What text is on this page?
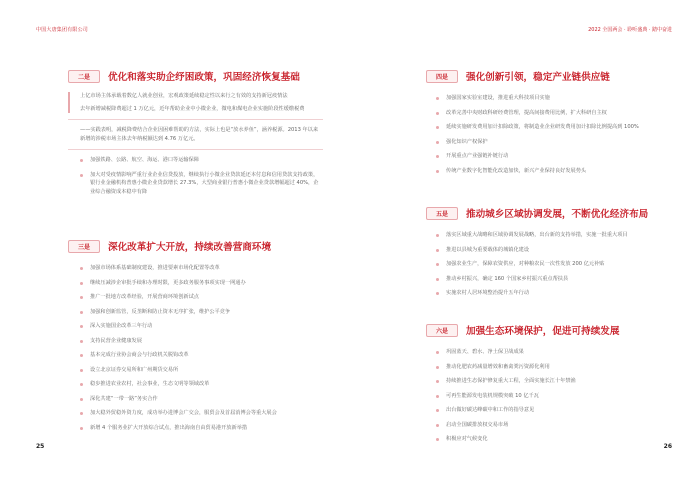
中国大唐集团有限公司
二是	优化和落实助企纾困政策，巩固经济恢复基础
上亿市场主体承载着数亿人就业创业，宏观政策延续稳定性以来行之有效的支持新冠疫情法
去年新增减税降费超过 1 万亿元，近年帮助企业中小微企业，微电和煤电企业实施阶段性缓缴税费
——实践表明，减税降费结合企业因困难帮助的方法，实际上也是“放水养鱼”，涵养税源。2013 年以来新增的涉税市场主体去年纳税额达到 4.76 万亿元。
加强铁路、公路、航空、海运、港口等运输保障
加大对受疫情影响严重行业企业信贷投放，继续执行小微企业贷款延还本付息和信用贷款支持政策，银行业金融机构普惠小微企业贷款增长 27.3%，大型商业银行普惠小微企业贷款增幅超过 40%，企业综合融资成本稳中有降
三是	深化改革扩大开放，持续改善营商环境
加强市场体系基础制度建设，推进要素市场化配置等改革
继续压减涉企审批手续和办理时限，更多政务服务事项实现一网通办
推广一批地方改革经验，开展营商环境创新试点
加强和创新监管，反垄断和防止资本无序扩张，维护公平竞争
深入实施国企改革三年行动
支持民营企业健康发展
基本完成行业协会商会与行政机关脱钩改革
设立北京证券交易所和广州期货交易所
稳步推进农业农村，社会事业，生态文明等领域改革
深化共建“一带一路”务实合作
加大稳外贸稳外资力度，成功举办进博会广交会，服贸会及首届消博会等重大展会
新增 4 个服务业扩大开放综合试点，推出海南自由贸易港开放新举措
25
2022 全国两会 · 聆听盛典 · 踏中奋进
四是	强化创新引领，稳定产业链供应链
加强国家实验室建设，推进重大科技项目实施
改革完善中央财政科研经费管理，提高间接费用比例，扩大科研自主权
延续实施研发费用加计扣除政策，将制造业企业研发费用加计扣除比例提高到 100%
强化知识产权保护
开展重点产业强链补链行动
传统产业数字化智能化改造加快，新兴产业保持良好发展势头
五是	推动城乡区域协调发展，不断优化经济布局
落实区域重大战略和区域协调发展战略，出台新的支持举措，实施一批重大项目
推进以县城为重要载体的城镇化建设
加强农业生产，保障农资供应，对种粮农民一次性发放 200 亿元补贴
推动乡村振兴，确定 160 个国家乡村振兴重点帮扶县
实施农村人居环境整治提升五年行动
六是	加强生态环境保护，促进可持续发展
巩固蓝天、碧水、净土保卫战成果
推动化肥农药减量增效和畜禽粪污资源化利用
持续推进生态保护修复重大工程，全面实施长江十年禁渔
可再生能源发电装机规模突破 10 亿千瓦
出台做好碳达峰碳中和工作的指导意见
启动全国碳排放权交易市场
积极应对气候变化
26
